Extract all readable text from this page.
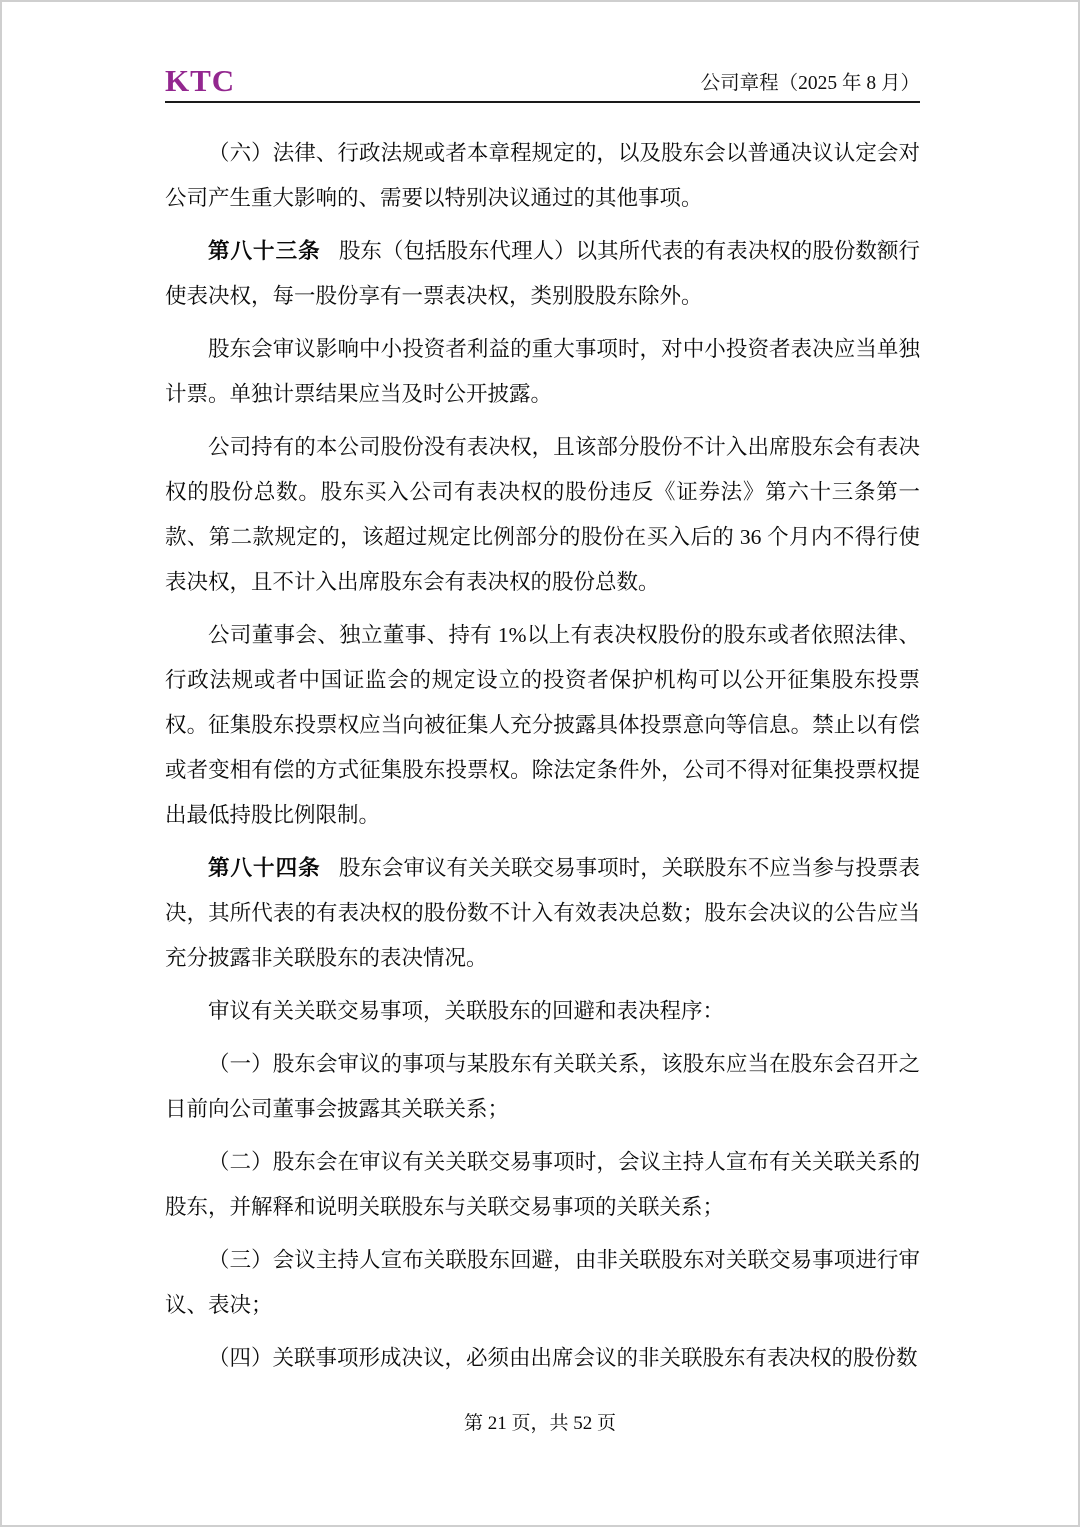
KTC	公司章程（2025 年 8 月）

（六）法律、行政法规或者本章程规定的，以及股东会以普通决议认定会对公司产生重大影响的、需要以特别决议通过的其他事项。

第八十三条 股东（包括股东代理人）以其所代表的有表决权的股份数额行使表决权，每一股份享有一票表决权，类别股股东除外。

股东会审议影响中小投资者利益的重大事项时，对中小投资者表决应当单独计票。单独计票结果应当及时公开披露。

公司持有的本公司股份没有表决权，且该部分股份不计入出席股东会有表决权的股份总数。股东买入公司有表决权的股份违反《证券法》第六十三条第一款、第二款规定的，该超过规定比例部分的股份在买入后的 36 个月内不得行使表决权，且不计入出席股东会有表决权的股份总数。

公司董事会、独立董事、持有 1%以上有表决权股份的股东或者依照法律、行政法规或者中国证监会的规定设立的投资者保护机构可以公开征集股东投票权。征集股东投票权应当向被征集人充分披露具体投票意向等信息。禁止以有偿或者变相有偿的方式征集股东投票权。除法定条件外，公司不得对征集投票权提出最低持股比例限制。

第八十四条 股东会审议有关关联交易事项时，关联股东不应当参与投票表决，其所代表的有表决权的股份数不计入有效表决总数；股东会决议的公告应当充分披露非关联股东的表决情况。

审议有关关联交易事项，关联股东的回避和表决程序：

（一）股东会审议的事项与某股东有关联关系，该股东应当在股东会召开之日前向公司董事会披露其关联关系；

（二）股东会在审议有关关联交易事项时，会议主持人宣布有关关联关系的股东，并解释和说明关联股东与关联交易事项的关联关系；

（三）会议主持人宣布关联股东回避，由非关联股东对关联交易事项进行审议、表决；

（四）关联事项形成决议，必须由出席会议的非关联股东有表决权的股份数

第 21 页，共 52 页
